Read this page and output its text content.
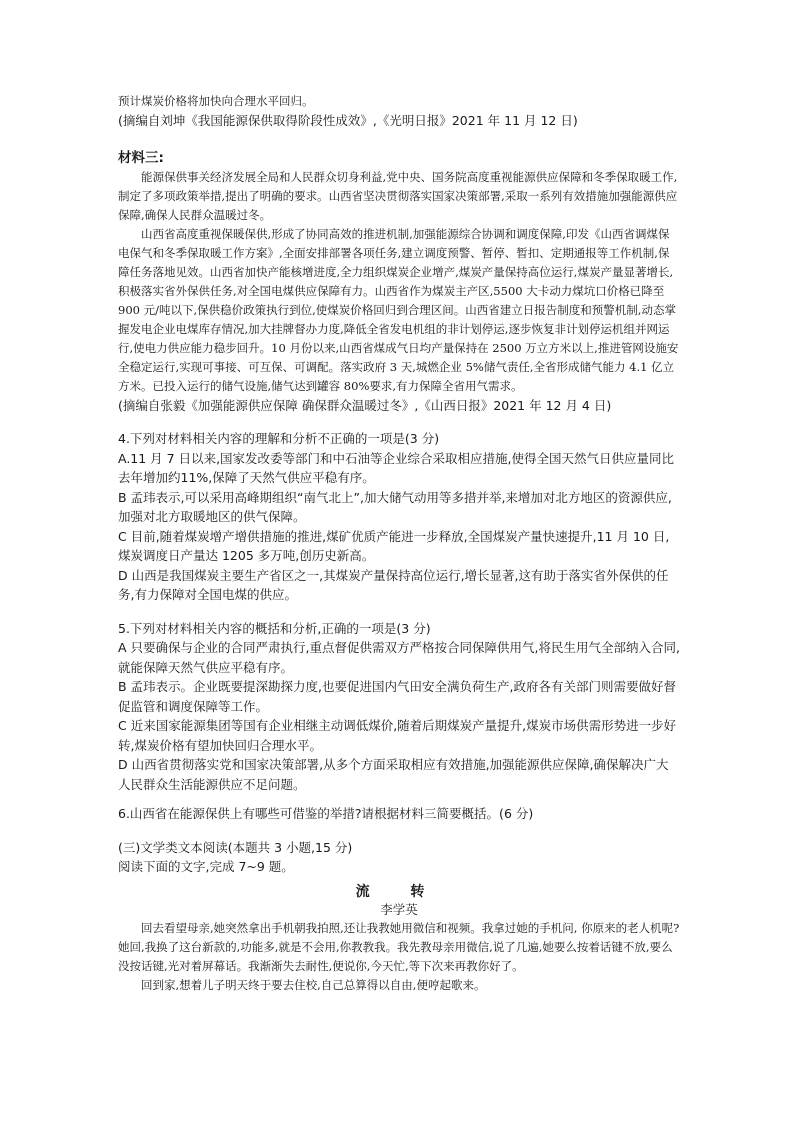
预计煤炭价格将加快向合理水平回归。

(摘编自刘坤《我国能源保供取得阶段性成效》,《光明日报》2021 年 11 月 12 日)

材料三:

能源保供事关经济发展全局和人民群众切身利益,党中央、国务院高度重视能源供应保障和冬季保取暖工作,制定了多项政策举措,提出了明确的要求。山西省坚决贯彻落实国家决策部署,采取一系列有效措施加强能源供应保障,确保人民群众温暖过冬。

山西省高度重视保暖保供,形成了协同高效的推进机制,加强能源综合协调和调度保障,印发《山西省调煤保电保气和冬季保取暖工作方案》,全面安排部署各项任务,建立调度预警、暂停、暂扣、定期通报等工作机制,保障任务落地见效。山西省加快产能核增进度,全力组织煤炭企业增产,煤炭产量保持高位运行,煤炭产量显著增长,积极落实省外保供任务,对全国电煤供应保障有力。山西省作为煤炭主产区,5500 大卡动力煤坑口价格已降至 900 元/吨以下,保供稳价政策执行到位,使煤炭价格回归到合理区间。山西省建立日报告制度和预警机制,动态掌握发电企业电煤库存情况,加大挂牌督办力度,降低全省发电机组的非计划停运,逐步恢复非计划停运机组并网运行,使电力供应能力稳步回升。10 月份以来,山西省煤成气日均产量保持在 2500 万立方米以上,推进管网设施安全稳定运行,实现可事接、可互保、可调配。落实政府 3 天,城燃企业 5%储气责任,全省形成储气能力 4.1 亿立方米。已投入运行的储气设施,储气达到罐容 80%要求,有力保障全省用气需求。

(摘编自张毅《加强能源供应保障 确保群众温暖过冬》,《山西日报》2021 年 12 月 4 日)

4.下列对材料相关内容的理解和分析不正确的一项是(3 分)

A.11 月 7 日以来,国家发改委等部门和中石油等企业综合采取相应措施,使得全国天然气日供应量同比去年增加约11%,保障了天然气供应平稳有序。

B 孟玮表示,可以采用高峰期组织“南气北上”,加大储气动用等多措并举,来增加对北方地区的资源供应,加强对北方取暖地区的供气保障。

C 目前,随着煤炭增产增供措施的推进,煤矿优质产能进一步释放,全国煤炭产量快速提升,11 月 10 日,煤炭调度日产量达 1205 多万吨,创历史新高。

D 山西是我国煤炭主要生产省区之一,其煤炭产量保持高位运行,增长显著,这有助于落实省外保供的任务,有力保障对全国电煤的供应。

5.下列对材料相关内容的概括和分析,正确的一项是(3 分)

A 只要确保与企业的合同严肃执行,重点督促供需双方严格按合同保障供用气,将民生用气全部纳入合同,就能保障天然气供应平稳有序。

B 孟玮表示。企业既要提深勘探力度,也要促进国内气田安全满负荷生产,政府各有关部门则需要做好督促监管和调度保障等工作。

C 近来国家能源集团等国有企业相继主动调低煤价,随着后期煤炭产量提升,煤炭市场供需形势进一步好转,煤炭价格有望加快回归合理水平。

D 山西省贯彻落实党和国家决策部署,从多个方面采取相应有效措施,加强能源供应保障,确保解决广大人民群众生活能源供应不足问题。

6.山西省在能源保供上有哪些可借鉴的举措?请根据材料三简要概括。(6 分)

(三)文学类文本阅读(本题共 3 小题,15 分)

阅读下面的文字,完成 7~9 题。

流 转

李学英

回去看望母亲,她突然拿出手机朝我拍照,还让我教她用微信和视频。我拿过她的手机问, 你原来的老人机呢?她回,我换了这台新款的,功能多,就是不会用,你教教我。我先教母亲用微信,说了几遍,她要么按着话键不放,要么没按话键,光对着屏幕话。我渐渐失去耐性,便说你,今天忙,等下次来再教你好了。

回到家,想着儿子明天终于要去住校,自己总算得以自由,便哼起歌来。
